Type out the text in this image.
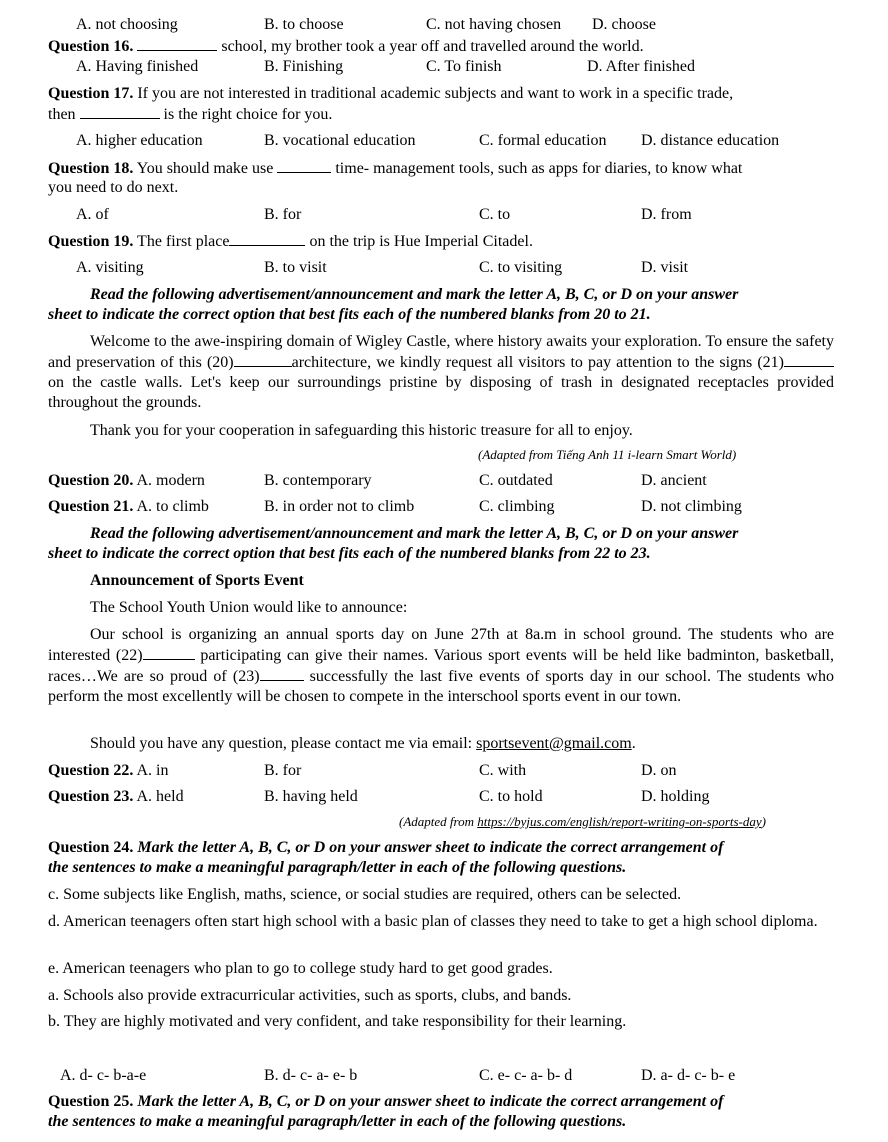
A. not choosing	B. to choose	C. not having chosen D. choose
Question 16.	school, my brother took a year off and travelled around the world.
A. Having finished	B. Finishing	C. To finish	D. After finished
Question 17. If you are not interested in traditional academic subjects and want to work in a specific trade,
then	is the right choice for you.
A. higher education	B. vocational education	C. formal education D. distance education
Question 18. You should make use	time- management tools, such as apps for diaries, to know what
you need to do next.
A. of	B. for	C. to	D. from
Question 19. The first place	on the trip is Hue Imperial Citadel.
A. visiting	B. to visit	C. to visiting	D. visit
Read the following advertisement/announcement and mark the letter A, B, C, or D on your answer
sheet to indicate the correct option that best fits each of the numbered blanks from 20 to 21.
Welcome to the awe-inspiring domain of Wigley Castle, where history awaits your exploration. To ensure the safety and preservation of this (20)	architecture, we kindly request all visitors to pay attention to the signs (21) on the castle walls. Let's keep our surroundings pristine by disposing of trash in designated receptacles provided throughout the grounds.
Thank you for your cooperation in safeguarding this historic treasure for all to enjoy.
(Adapted from Tiếng Anh 11 i-learn Smart World)
Question 20. A. modern	B. contemporary	C. outdated	D. ancient
Question 21. A. to climb	B. in order not to climb	C. climbing	D. not climbing
Read the following advertisement/announcement and mark the letter A, B, C, or D on your answer
sheet to indicate the correct option that best fits each of the numbered blanks from 22 to 23.
Announcement of Sports Event
The School Youth Union would like to announce:
Our school is organizing an annual sports day on June 27th at 8a.m in school ground. The students who are interested (22)	participating can give their names. Various sport events will be held like badminton, basketball, races…We are so proud of (23)	successfully the last five events of sports day in our school. The students who perform the most excellently will be chosen to compete in the interschool sports event in our town.
Should you have any question, please contact me via email: sportsevent@gmail.com.
Question 22. A. in	B. for	C. with	D. on
Question 23. A. held	B. having held	C. to hold	D. holding
(Adapted from https://byjus.com/english/report-writing-on-sports-day)
Question 24. Mark the letter A, B, C, or D on your answer sheet to indicate the correct arrangement of
the sentences to make a meaningful paragraph/letter in each of the following questions.
c. Some subjects like English, maths, science, or social studies are required, others can be selected.
d. American teenagers often start high school with a basic plan of classes they need to take to get a high school diploma.
e. American teenagers who plan to go to college study hard to get good grades.
a. Schools also provide extracurricular activities, such as sports, clubs, and bands.
b. They are highly motivated and very confident, and take responsibility for their learning.
A. d- c- b-a-e	B. d- c- a- e- b	C. e- c- a- b- d	D. a- d- c- b- e
Question 25. Mark the letter A, B, C, or D on your answer sheet to indicate the correct arrangement of
the sentences to make a meaningful paragraph/letter in each of the following questions.
